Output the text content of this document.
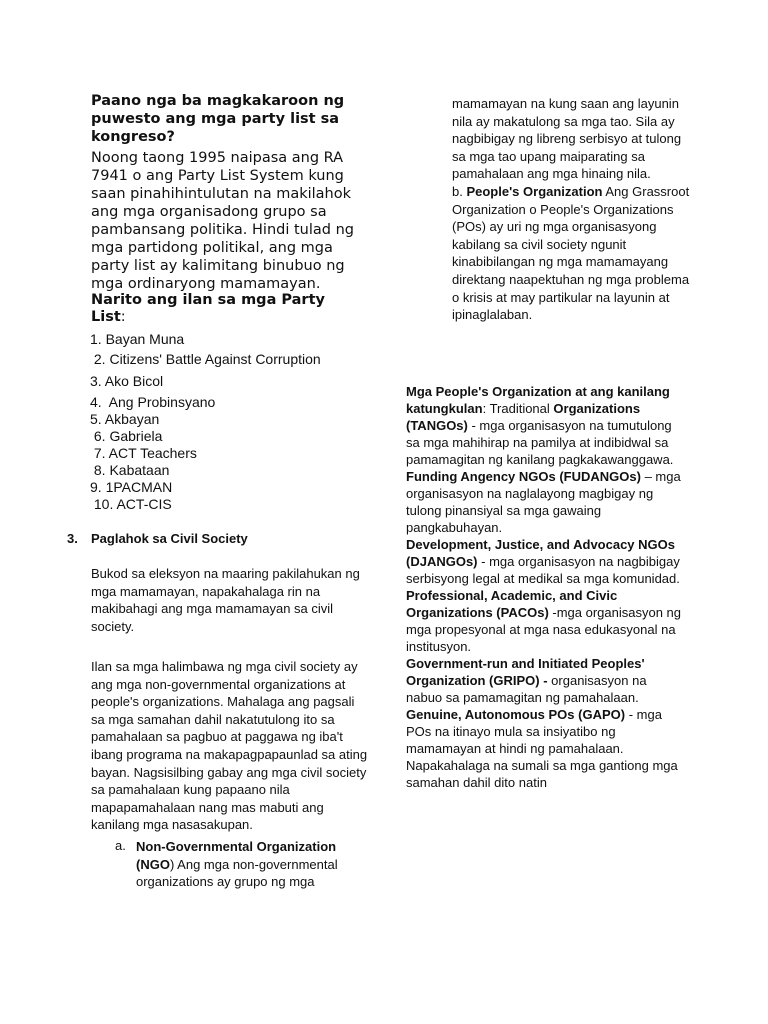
Paano nga ba magkakaroon ng puwesto ang mga party list sa kongreso?
Noong taong 1995 naipasa ang RA 7941 o ang Party List System kung saan pinahihintulutan na makilahok ang mga organisadong grupo sa pambansang politika. Hindi tulad ng mga partidong politikal, ang mga party list ay kalimitang binubuo ng mga ordinaryong mamamayan.
Narito ang ilan sa mga Party List:
1. Bayan Muna
2. Citizens' Battle Against Corruption
3. Ako Bicol
4.  Ang Probinsyano
5. Akbayan
6. Gabriela
7. ACT Teachers
8. Kabataan
9. 1PACMAN
10. ACT-CIS
3. Paglahok sa Civil Society
Bukod sa eleksyon na maaring pakilahukan ng mga mamamayan, napakahalaga rin na makibahagi ang mga mamamayan sa civil society.
Ilan sa mga halimbawa ng mga civil society ay ang mga non-governmental organizations at people's organizations. Mahalaga ang pagsali sa mga samahan dahil nakatutulong ito sa pamahalaan sa pagbuo at paggawa ng iba't ibang programa na makapagpapaunlad sa ating bayan. Nagsisilbing gabay ang mga civil society sa pamahalaan kung papaano nila mapapamahalaan nang mas mabuti ang kanilang mga nasasakupan.
a. Non-Governmental Organization (NGO) Ang mga non-governmental organizations ay grupo ng mga
mamamayan na kung saan ang layunin nila ay makatulong sa mga tao. Sila ay nagbibigay ng libreng serbisyo at tulong sa mga tao upang maiparating sa pamahalaan ang mga hinaing nila.
b. People's Organization Ang Grassroot Organization o People's Organizations (POs) ay uri ng mga organisasyong kabilang sa civil society ngunit kinabibilangan ng mga mamamayang direktang naapektuhan ng mga problema o krisis at may partikular na layunin at ipinaglalaban.
Mga People's Organization at ang kanilang katungkulan: Traditional Organizations (TANGOs) - mga organisasyon na tumutulong sa mga mahihirap na pamilya at indibidwal sa pamamagitan ng kanilang pagkakawanggawa.
Funding Angency NGOs (FUDANGOs) – mga organisasyon na naglalayong magbigay ng tulong pinansiyal sa mga gawaing pangkabuhayan.
Development, Justice, and Advocacy NGOs (DJANGOs) - mga organisasyon na nagbibigay serbisyong legal at medikal sa mga komunidad.
Professional, Academic, and Civic Organizations (PACOs) -mga organisasyon ng mga propesyonal at mga nasa edukasyonal na institusyon.
Government-run and Initiated Peoples' Organization (GRIPO) - organisasyon na nabuo sa pamamagitan ng pamahalaan.
Genuine, Autonomous POs (GAPO) - mga POs na itinayo mula sa insiyatibo ng mamamayan at hindi ng pamahalaan. Napakahalaga na sumali sa mga gantiong mga samahan dahil dito natin
